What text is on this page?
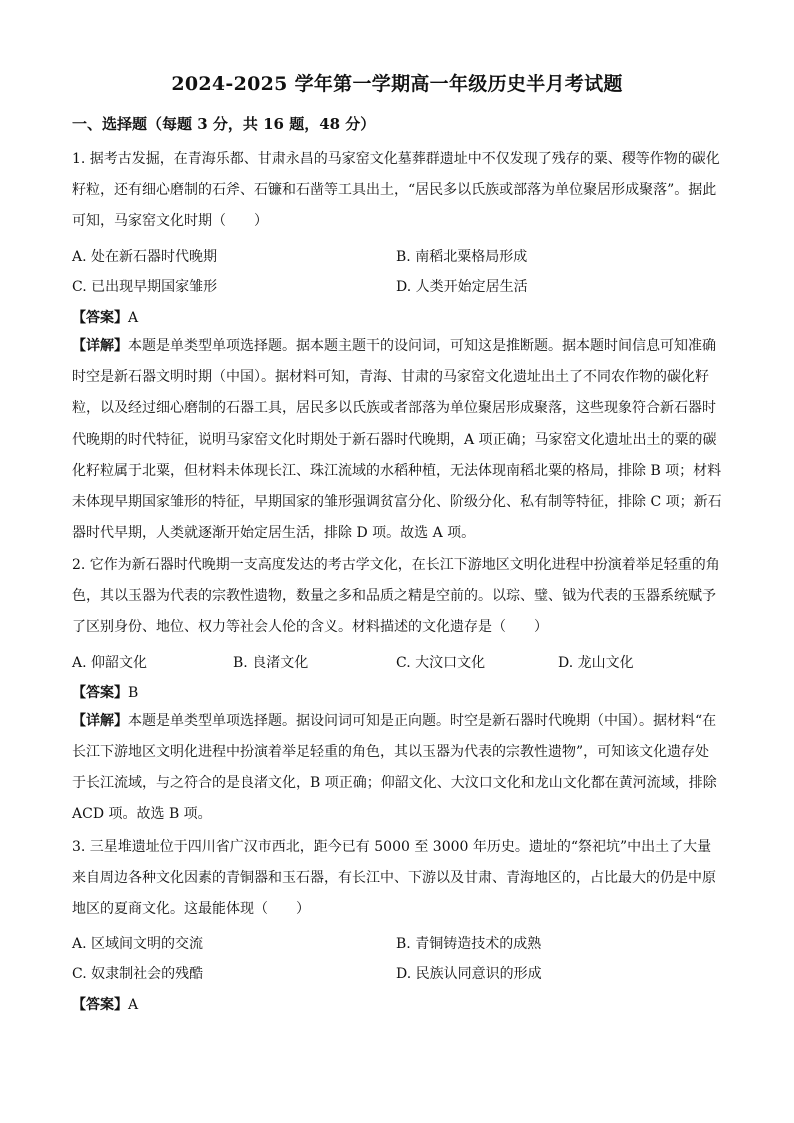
2024-2025 学年第一学期高一年级历史半月考试题
一、选择题（每题 3 分，共 16 题，48 分）

1. 据考古发掘，在青海乐都、甘肃永昌的马家窑文化墓葬群遗址中不仅发现了残存的粟、稷等作物的碳化籽粒，还有细心磨制的石斧、石镰和石凿等工具出土，“居民多以氏族或部落为单位聚居形成聚落”。据此可知，马家窑文化时期（　　）

A. 处在新石器时代晚期	B. 南稻北粟格局形成
C. 已出现早期国家雏形	D. 人类开始定居生活
【答案】A

【详解】本题是单类型单项选择题。据本题主题干的设问词，可知这是推断题。据本题时间信息可知准确时空是新石器文明时期（中国）。据材料可知，青海、甘肃的马家窑文化遗址出土了不同农作物的碳化籽粒，以及经过细心磨制的石器工具，居民多以氏族或者部落为单位聚居形成聚落，这些现象符合新石器时代晚期的时代特征，说明马家窑文化时期处于新石器时代晚期，A 项正确；马家窑文化遗址出土的粟的碳化籽粒属于北粟，但材料未体现长江、珠江流域的水稻种植，无法体现南稻北粟的格局，排除 B 项；材料未体现早期国家雏形的特征，早期国家的雏形强调贫富分化、阶级分化、私有制等特征，排除 C 项；新石器时代早期，人类就逐渐开始定居生活，排除 D 项。故选 A 项。

2. 它作为新石器时代晚期一支高度发达的考古学文化，在长江下游地区文明化进程中扮演着举足轻重的角色，其以玉器为代表的宗教性遗物，数量之多和品质之精是空前的。以琮、璧、钺为代表的玉器系统赋予了区别身份、地位、权力等社会人伦的含义。材料描述的文化遗存是（　　）

A. 仰韶文化	B. 良渚文化	C. 大汶口文化	D. 龙山文化
【答案】B

【详解】本题是单类型单项选择题。据设问词可知是正向题。时空是新石器时代晚期（中国）。据材料“在长江下游地区文明化进程中扮演着举足轻重的角色，其以玉器为代表的宗教性遗物”，可知该文化遗存处于长江流域，与之符合的是良渚文化，B 项正确；仰韶文化、大汶口文化和龙山文化都在黄河流域，排除 ACD 项。故选 B 项。

3. 三星堆遗址位于四川省广汉市西北，距今已有 5000 至 3000 年历史。遗址的“祭祀坑”中出土了大量来自周边各种文化因素的青铜器和玉石器，有长江中、下游以及甘肃、青海地区的，占比最大的仍是中原地区的夏商文化。这最能体现（　　）

A. 区域间文明的交流	B. 青铜铸造技术的成熟
C. 奴隶制社会的残酷	D. 民族认同意识的形成
【答案】A
